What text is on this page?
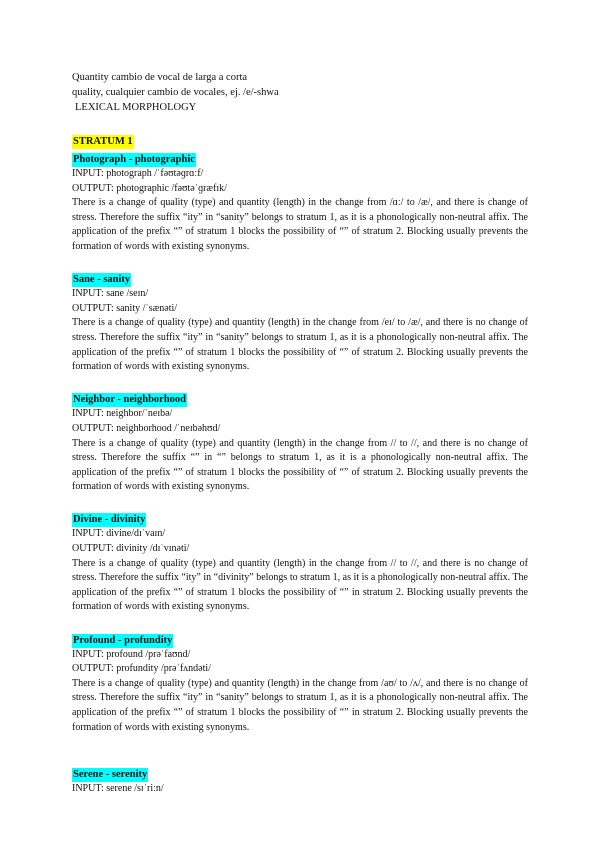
Quantity cambio de vocal de larga a corta
quality, cualquier cambio de vocales, ej. /e/-shwa
LEXICAL MORPHOLOGY
STRATUM 1
Photograph - photographic
INPUT: photograph /ˈfəʊtəɡrɑːf/
OUTPUT: photographic /fəʊtəˈɡræfɪk/
There is a change of quality (type) and quantity (length) in the change from /ɑː/ to /æ/, and there is change of stress. Therefore the suffix “ity” in “sanity” belongs to stratum 1, as it is a phonologically non-neutral affix. The application of the prefix “” of stratum 1 blocks the possibility of “” of stratum 2. Blocking usually prevents the formation of words with existing synonyms.
Sane - sanity
INPUT: sane /seɪn/
OUTPUT: sanity /ˈsænəti/
There is a change of quality (type) and quantity (length) in the change from /eɪ/ to /æ/, and there is no change of stress. Therefore the suffix “ity” in “sanity” belongs to stratum 1, as it is a phonologically non-neutral affix. The application of the prefix “” of stratum 1 blocks the possibility of “” of stratum 2. Blocking usually prevents the formation of words with existing synonyms.
Neighbor - neighborhood
INPUT: neighbor/ˈneɪbə/
OUTPUT: neighborhood /ˈneɪbəhʊd/
There is a change of quality (type) and quantity (length) in the change from // to //, and there is no change of stress. Therefore the suffix “” in “” belongs to stratum 1, as it is a phonologically non-neutral affix. The application of the prefix “” of stratum 1 blocks the possibility of “” of stratum 2. Blocking usually prevents the formation of words with existing synonyms.
Divine - divinity
INPUT: divine/dɪˈvaɪn/
OUTPUT: divinity /dɪˈvɪnəti/
There is a change of quality (type) and quantity (length) in the change from // to //, and there is no change of stress. Therefore the suffix “ity” in “divinity” belongs to stratum 1, as it is a phonologically non-neutral affix. The application of the prefix “” of stratum 1 blocks the possibility of “” in stratum 2. Blocking usually prevents the formation of words with existing synonyms.
Profound - profundity
INPUT: profound /prəˈfaʊnd/
OUTPUT: profundity /prəˈfʌndəti/
There is a change of quality (type) and quantity (length) in the change from /aʊ/ to /ʌ/, and there is no change of stress. Therefore the suffix “ity” in “sanity” belongs to stratum 1, as it is a phonologically non-neutral affix. The application of the prefix “” of stratum 1 blocks the possibility of “” in stratum 2. Blocking usually prevents the formation of words with existing synonyms.
Serene - serenity
INPUT: serene /sɪˈriːn/
